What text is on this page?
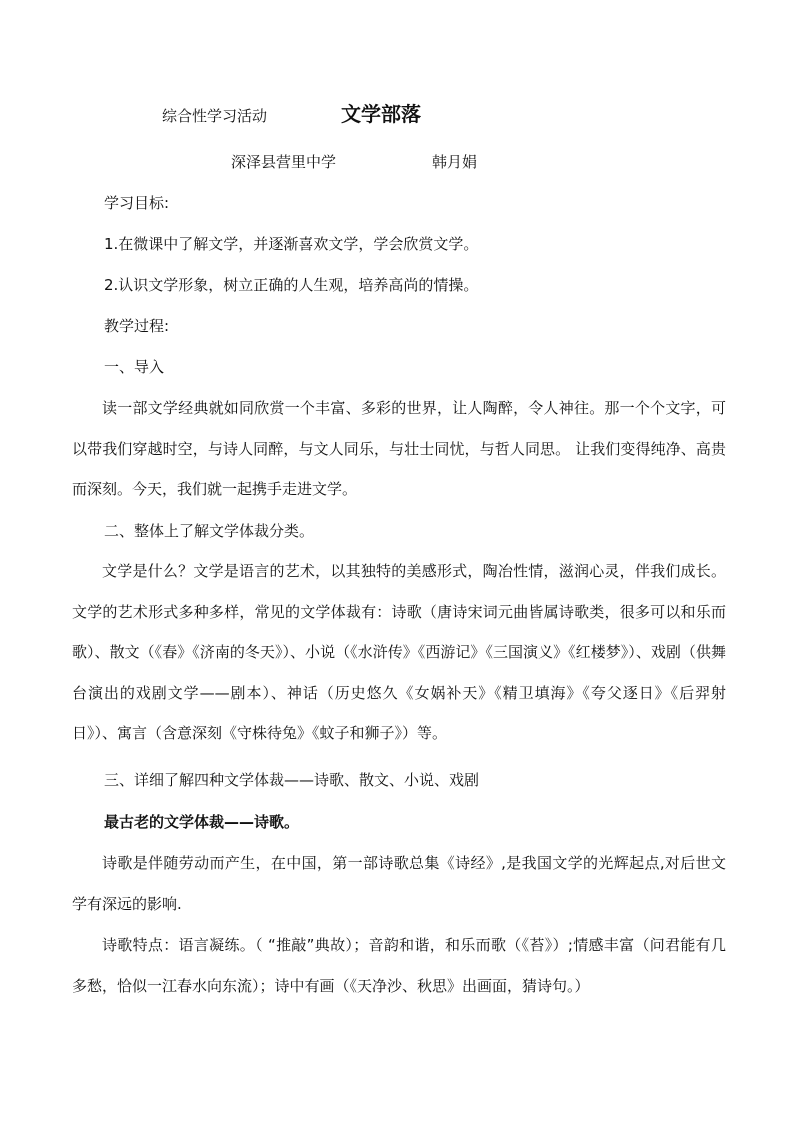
综合性学习活动	文学部落
深泽县营里中学	韩月娟
学习目标:
1.在微课中了解文学，并逐渐喜欢文学，学会欣赏文学。
2.认识文学形象，树立正确的人生观，培养高尚的情操。
教学过程:
一、导入
读一部文学经典就如同欣赏一个丰富、多彩的世界，让人陶醉，令人神往。那一个个文字，可以带我们穿越时空，与诗人同醉，与文人同乐，与壮士同忧，与哲人同思。 让我们变得纯净、高贵而深刻。今天，我们就一起携手走进文学。
二、整体上了解文学体裁分类。
文学是什么？文学是语言的艺术，以其独特的美感形式，陶冶性情，滋润心灵，伴我们成长。文学的艺术形式多种多样，常见的文学体裁有：诗歌（唐诗宋词元曲皆属诗歌类，很多可以和乐而歌）、散文（《春》《济南的冬天》）、小说（《水浒传》《西游记》《三国演义》《红楼梦》）、戏剧（供舞台演出的戏剧文学——剧本）、神话（历史悠久《女娲补天》《精卫填海》《夸父逐日》《后羿射日》）、寓言（含意深刻《守株待兔》《蚊子和狮子》）等。
三、详细了解四种文学体裁——诗歌、散文、小说、戏剧
最古老的文学体裁——诗歌。
诗歌是伴随劳动而产生，在中国，第一部诗歌总集《诗经》,是我国文学的光辉起点,对后世文学有深远的影响.
诗歌特点：语言凝练。（ “推敲”典故）；音韵和谐，和乐而歌（《苔》）;情感丰富（问君能有几多愁，恰似一江春水向东流）；诗中有画（《天净沙、秋思》出画面，猜诗句。）
